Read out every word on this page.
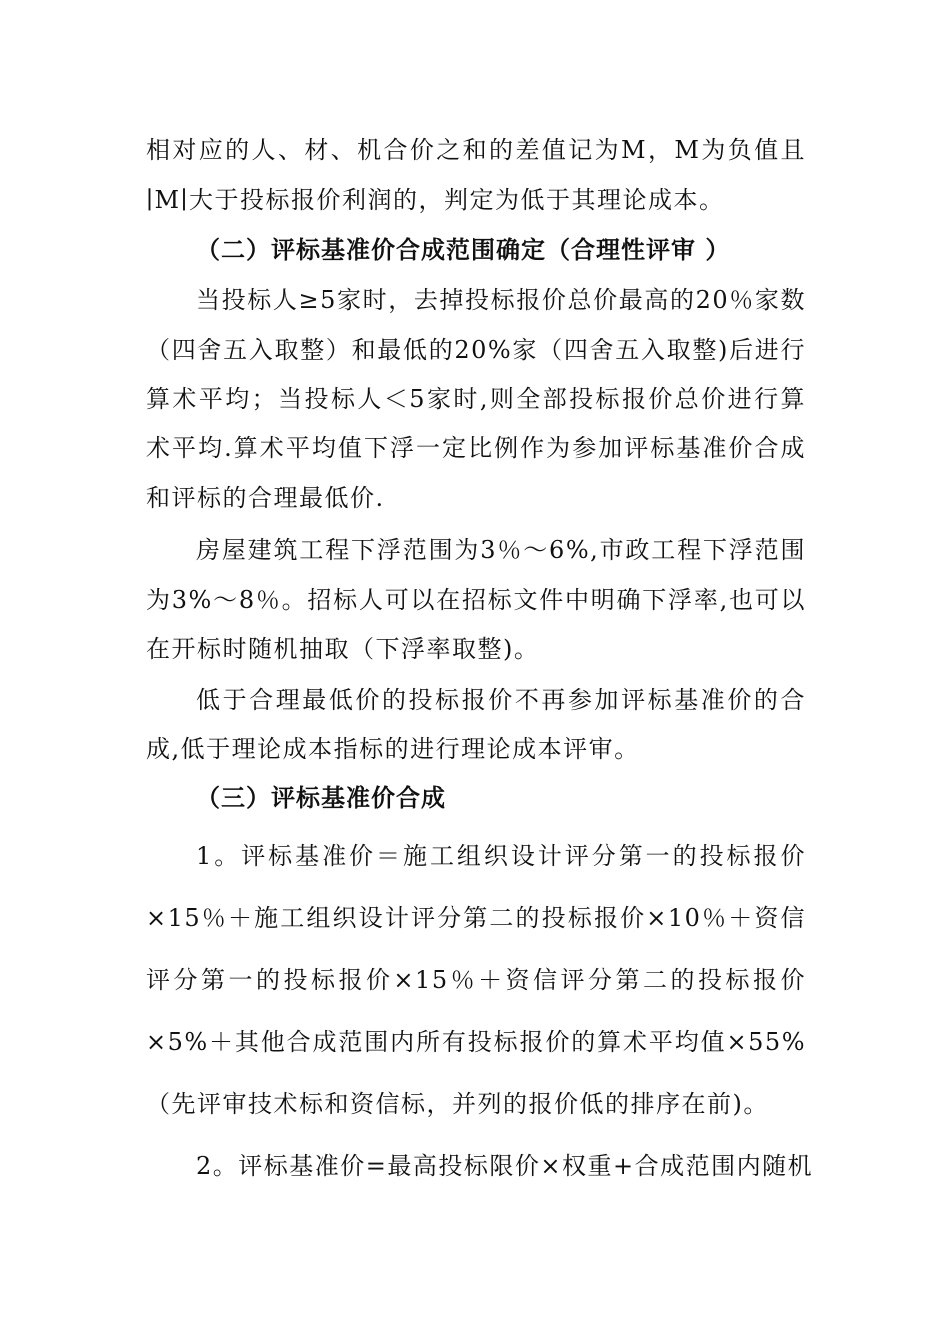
相对应的人、材、机合价之和的差值记为M，M为负值且
∣M∣大于投标报价利润的，判定为低于其理论成本。
（二）评标基准价合成范围确定（合理性评审 ）
当投标人≥5家时，去掉投标报价总价最高的20％家数
（四舍五入取整）和最低的20%家（四舍五入取整)后进行
算术平均；当投标人＜5家时,则全部投标报价总价进行算
术平均.算术平均值下浮一定比例作为参加评标基准价合成
和评标的合理最低价.
房屋建筑工程下浮范围为3％～6%,市政工程下浮范围
为3%～8％。招标人可以在招标文件中明确下浮率,也可以
在开标时随机抽取（下浮率取整)。
低于合理最低价的投标报价不再参加评标基准价的合
成,低于理论成本指标的进行理论成本评审。
（三）评标基准价合成
1。评标基准价＝施工组织设计评分第一的投标报价
×15％＋施工组织设计评分第二的投标报价×10％＋资信
评分第一的投标报价×15％＋资信评分第二的投标报价
×5%＋其他合成范围内所有投标报价的算术平均值×55%
（先评审技术标和资信标，并列的报价低的排序在前)。
2。评标基准价=最高投标限价×权重+合成范围内随机
